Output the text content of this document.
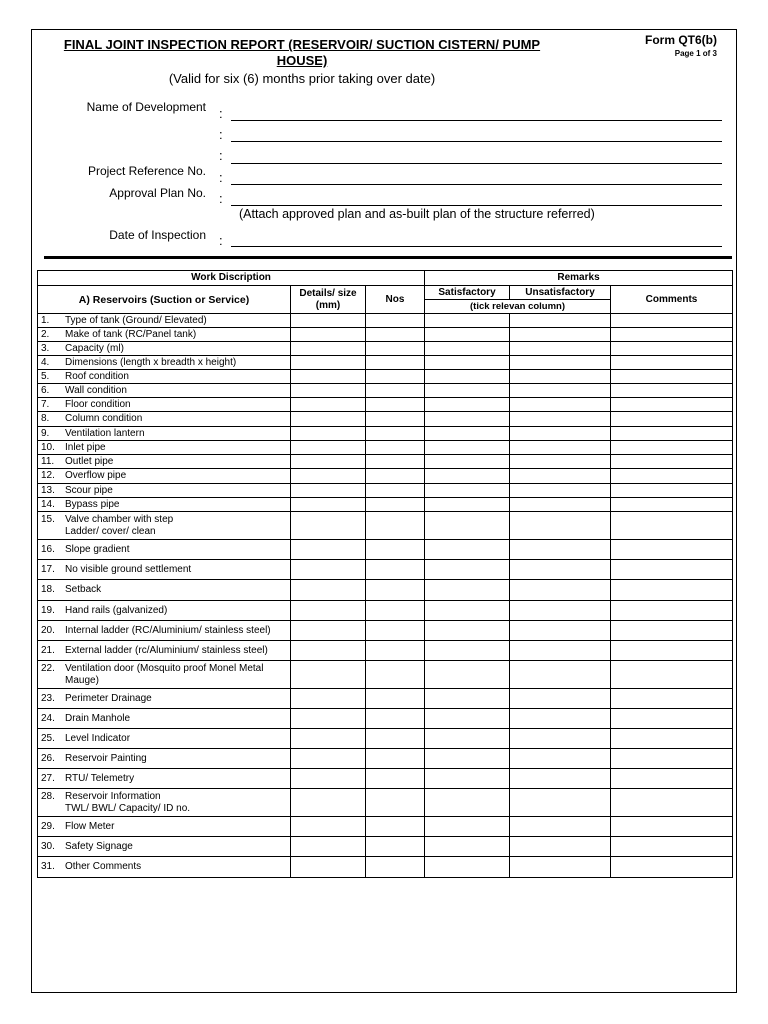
FINAL JOINT INSPECTION REPORT (RESERVOIR/ SUCTION CISTERN/ PUMP HOUSE)
Form QT6(b)
Page 1 of 3
(Valid for six (6) months prior taking over date)
Name of Development :
:
:
Project Reference No. :
Approval Plan No. :
(Attach approved plan and as-built plan of the structure referred)
Date of Inspection :
Work Discription			Remarks		
A) Reservoirs (Suction or Service)	Details/ size (mm)	Nos	Satisfactory	Unsatisfactory	Comments
			(tick relevan column)		
1. Type of tank (Ground/ Elevated)					
2. Make of tank (RC/Panel tank)					
3. Capacity (ml)					
4. Dimensions (length x breadth x height)					
5. Roof condition					
6. Wall condition					
7. Floor condition					
8. Column condition					
9. Ventilation lantern					
10. Inlet pipe					
11. Outlet pipe					
12. Overflow pipe					
13. Scour pipe					
14. Bypass pipe					
15. Valve chamber with step
Ladder/ cover/ clean					
16. Slope gradient					
17. No visible ground settlement					
18. Setback					
19. Hand rails (galvanized)					
20. Internal ladder (RC/Aluminium/ stainless steel)					
21. External ladder (rc/Aluminium/ stainless steel)					
22. Ventilation door (Mosquito proof Monel Metal
Mauge)					
23. Perimeter Drainage					
24. Drain Manhole					
25. Level Indicator					
26. Reservoir Painting					
27. RTU/ Telemetry					
28. Reservoir Information
TWL/ BWL/ Capacity/ ID no.					
29. Flow Meter					
30. Safety Signage					
31. Other Comments					
